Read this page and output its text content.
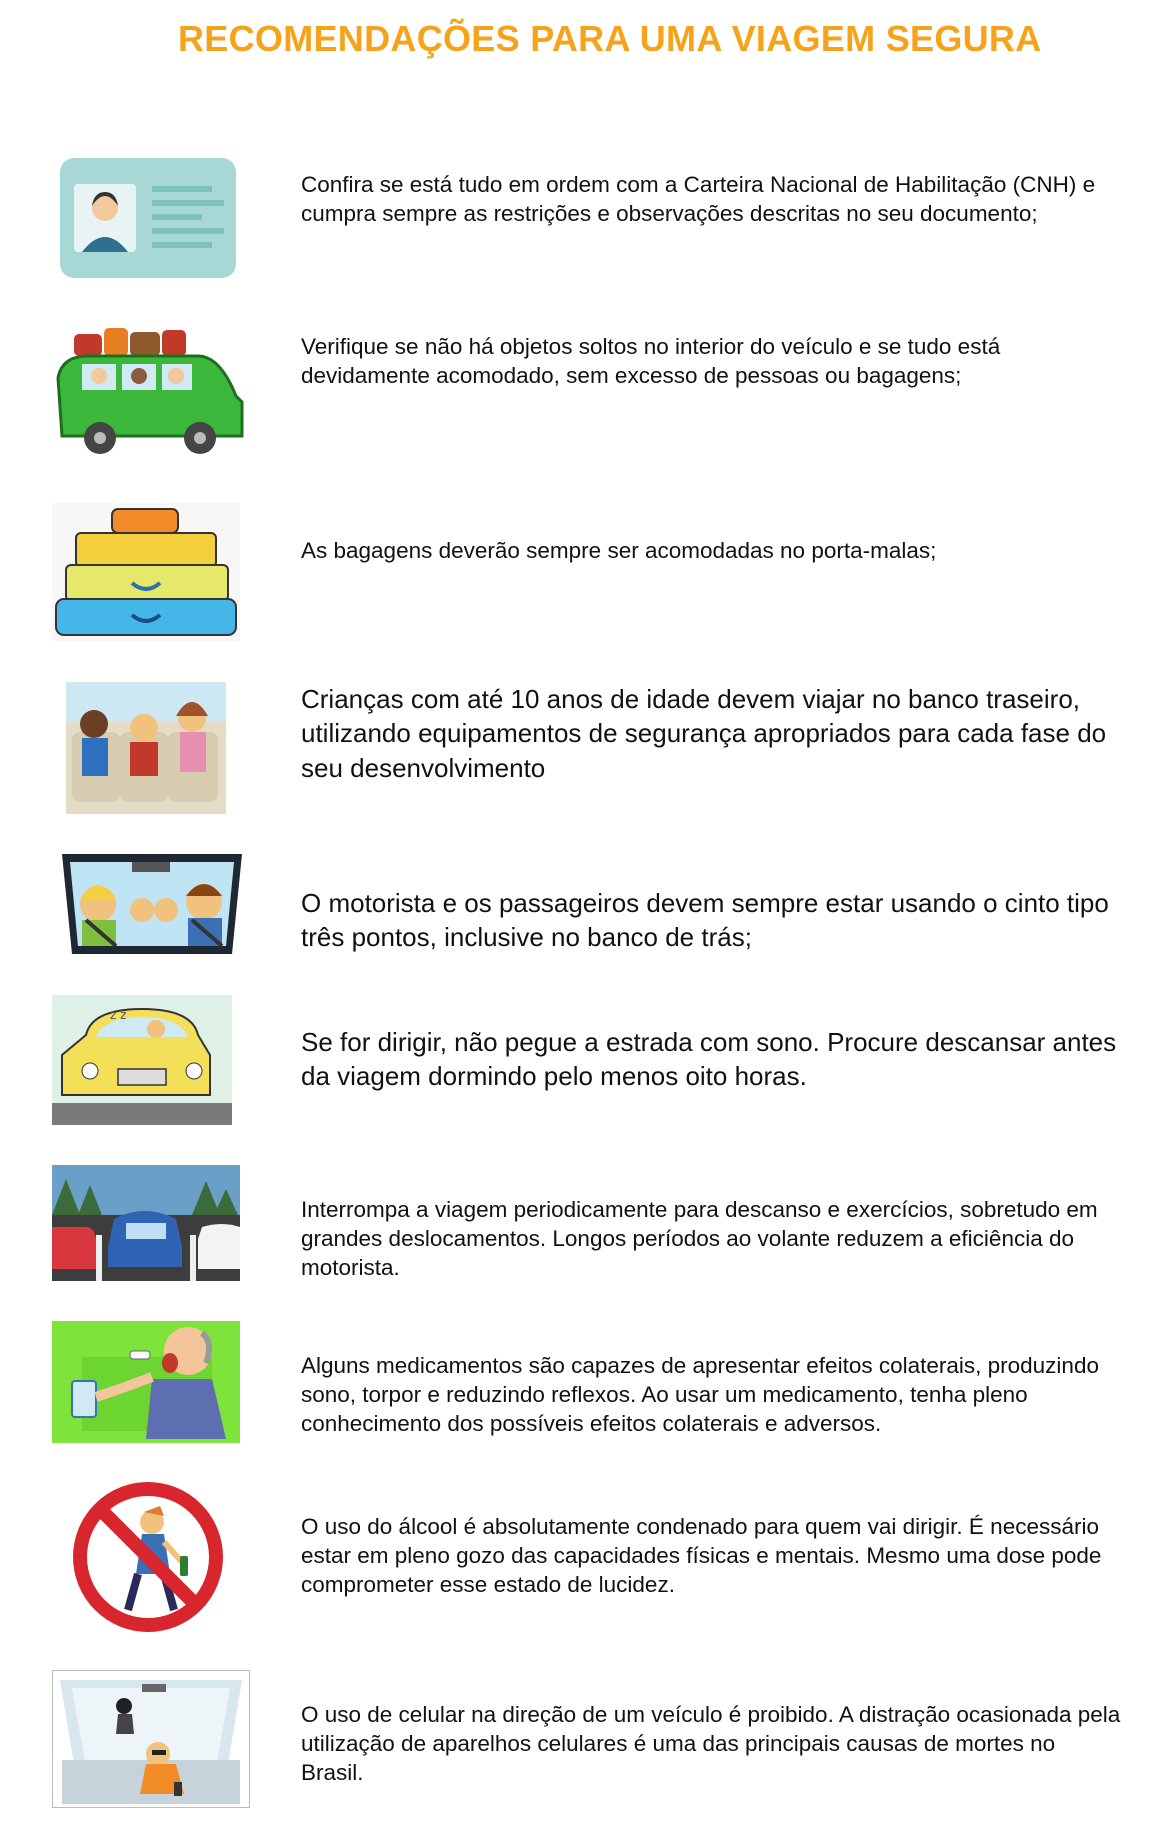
RECOMENDAÇÕES PARA UMA VIAGEM SEGURA
Confira se está tudo em ordem com a Carteira Nacional de Habilitação (CNH) e cumpra sempre as restrições e observações descritas no seu documento;
Verifique se não há objetos soltos no interior do veículo e se tudo está devidamente acomodado, sem excesso de pessoas ou bagagens;
As bagagens deverão sempre ser acomodadas no porta-malas;
Crianças com até 10 anos de idade devem viajar no banco traseiro, utilizando equipamentos de segurança apropriados para cada fase do seu desenvolvimento
O motorista e os passageiros devem sempre estar usando o cinto tipo três pontos, inclusive no banco de trás;
z z
Se for dirigir, não pegue a estrada com sono. Procure descansar antes da viagem dormindo pelo menos oito horas.
Interrompa a viagem periodicamente para descanso e exercícios, sobretudo em grandes deslocamentos. Longos períodos ao volante reduzem a eficiência do motorista.
Alguns medicamentos são capazes de apresentar efeitos colaterais, produzindo sono, torpor e reduzindo reflexos. Ao usar um medicamento, tenha pleno conhecimento dos possíveis efeitos colaterais e adversos.
O uso do álcool é absolutamente condenado para quem vai dirigir. É necessário estar em pleno gozo das capacidades físicas e mentais. Mesmo uma dose pode comprometer esse estado de lucidez.
O uso de celular na direção de um veículo é proibido. A distração ocasionada pela utilização de aparelhos celulares é uma das principais causas de mortes no Brasil.
